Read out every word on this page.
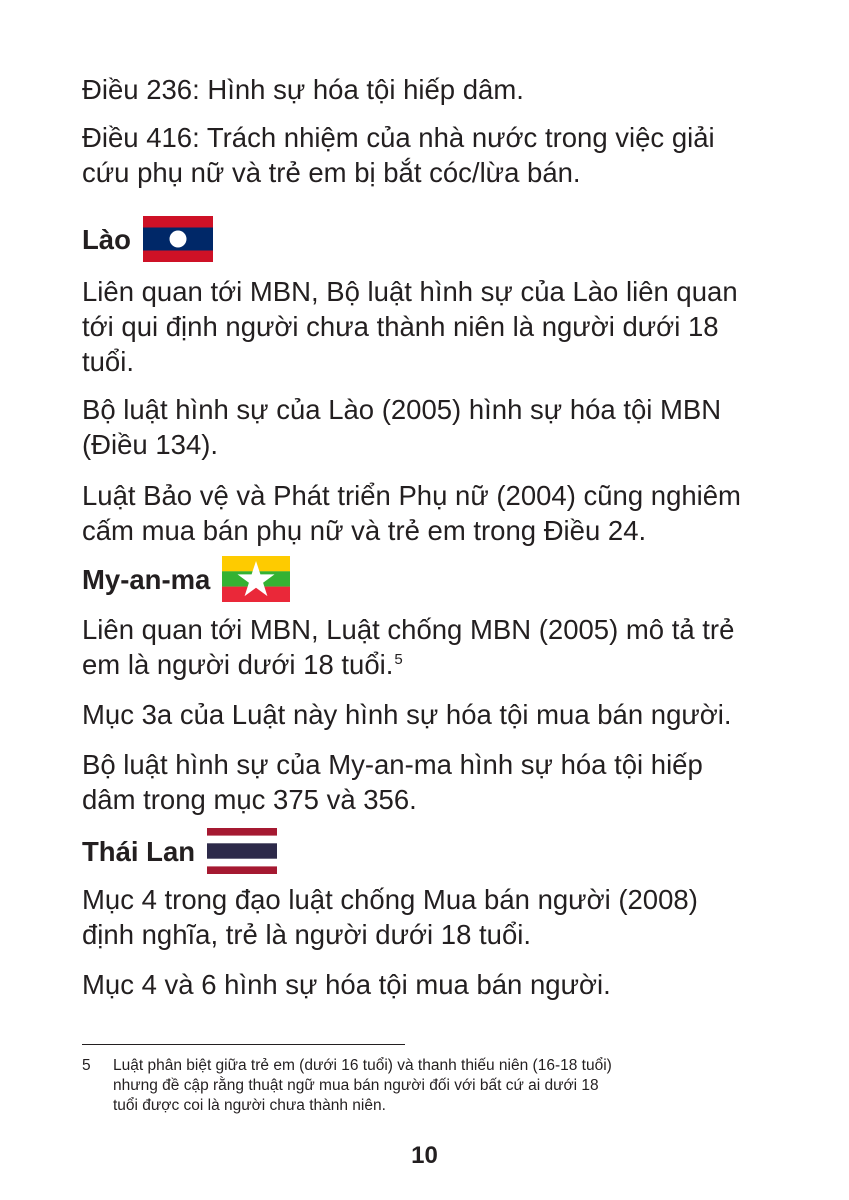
Điều 236: Hình sự hóa tội hiếp dâm.

Điều 416: Trách nhiệm của nhà nước trong việc giải
cứu phụ nữ và trẻ em bị bắt cóc/lừa bán.

Lào

Liên quan tới MBN, Bộ luật hình sự của Lào liên quan
tới qui định người chưa thành niên là người dưới 18
tuổi.

Bộ luật hình sự của Lào (2005) hình sự hóa tội MBN
(Điều 134).

Luật Bảo vệ và Phát triển Phụ nữ (2004) cũng nghiêm
cấm mua bán phụ nữ và trẻ em trong Điều 24.

My-an-ma

Liên quan tới MBN, Luật chống MBN (2005) mô tả trẻ
em là người dưới 18 tuổi.$^5$

Mục 3a của Luật này hình sự hóa tội mua bán người.

Bộ luật hình sự của My-an-ma hình sự hóa tội hiếp
dâm trong mục 375 và 356.

Thái Lan

Mục 4 trong đạo luật chống Mua bán người (2008)
định nghĩa, trẻ là người dưới 18 tuổi.

Mục 4 và 6 hình sự hóa tội mua bán người.

5	Luật phân biệt giữa trẻ em (dưới 16 tuổi) và thanh thiếu niên (16-18 tuổi)
nhưng đề cập rằng thuật ngữ mua bán người đối với bất cứ ai dưới 18
tuổi được coi là người chưa thành niên.
10
